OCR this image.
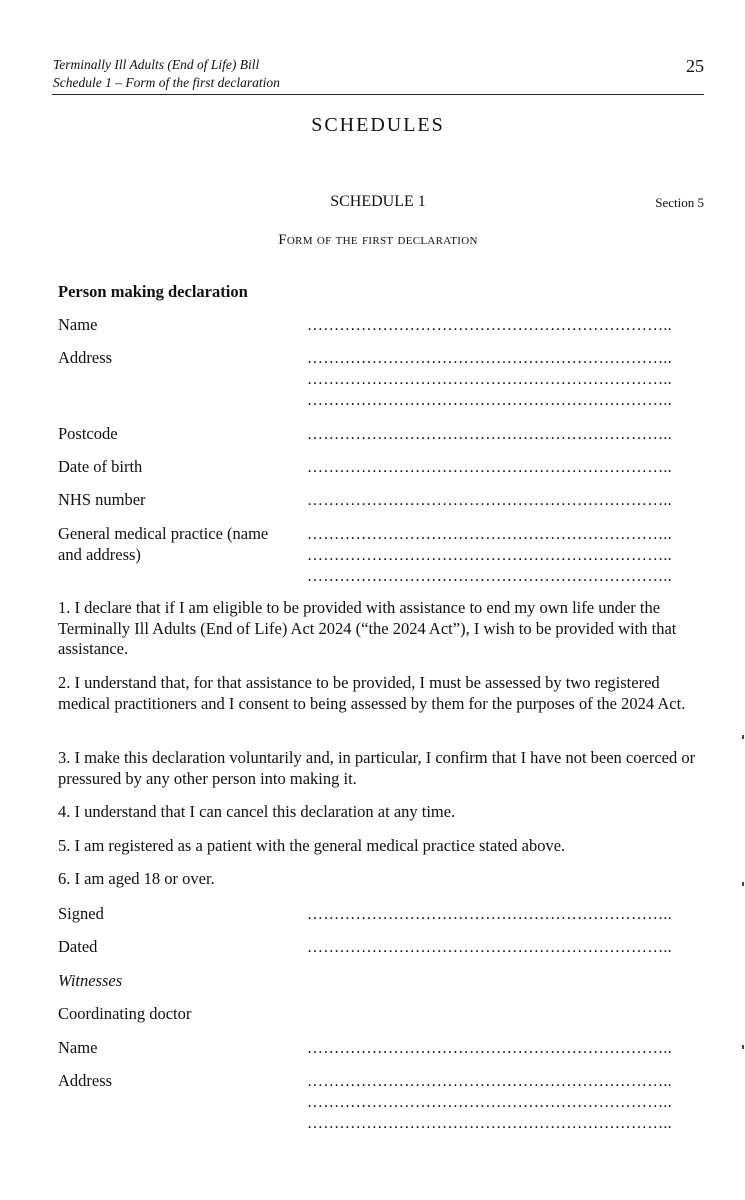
Terminally Ill Adults (End of Life) Bill
Schedule 1 – Form of the first declaration
25
SCHEDULES
SCHEDULE 1	Section 5
Form of the first declaration
Person making declaration
Name	…………………………………………………………..
Address	…………………………………………………………..
…………………………………………………………..
…………………………………………………………..
Postcode	…………………………………………………………..
Date of birth	…………………………………………………………..
NHS number	…………………………………………………………..
General medical practice (name
and address)
…………………………………………………………..
…………………………………………………………..
…………………………………………………………..
1. I declare that if I am eligible to be provided with assistance to end my own life under the Terminally Ill Adults (End of Life) Act 2024 (“the 2024 Act”), I wish to be provided with that assistance.
2. I understand that, for that assistance to be provided, I must be assessed by two registered medical practitioners and I consent to being assessed by them for the purposes of the 2024 Act.
3. I make this declaration voluntarily and, in particular, I confirm that I have not been coerced or pressured by any other person into making it.
4. I understand that I can cancel this declaration at any time.
5. I am registered as a patient with the general medical practice stated above.
6. I am aged 18 or over.
Signed	…………………………………………………………..
Dated	…………………………………………………………..
Witnesses
Coordinating doctor
Name	…………………………………………………………..
Address	…………………………………………………………..
…………………………………………………………..
…………………………………………………………..
